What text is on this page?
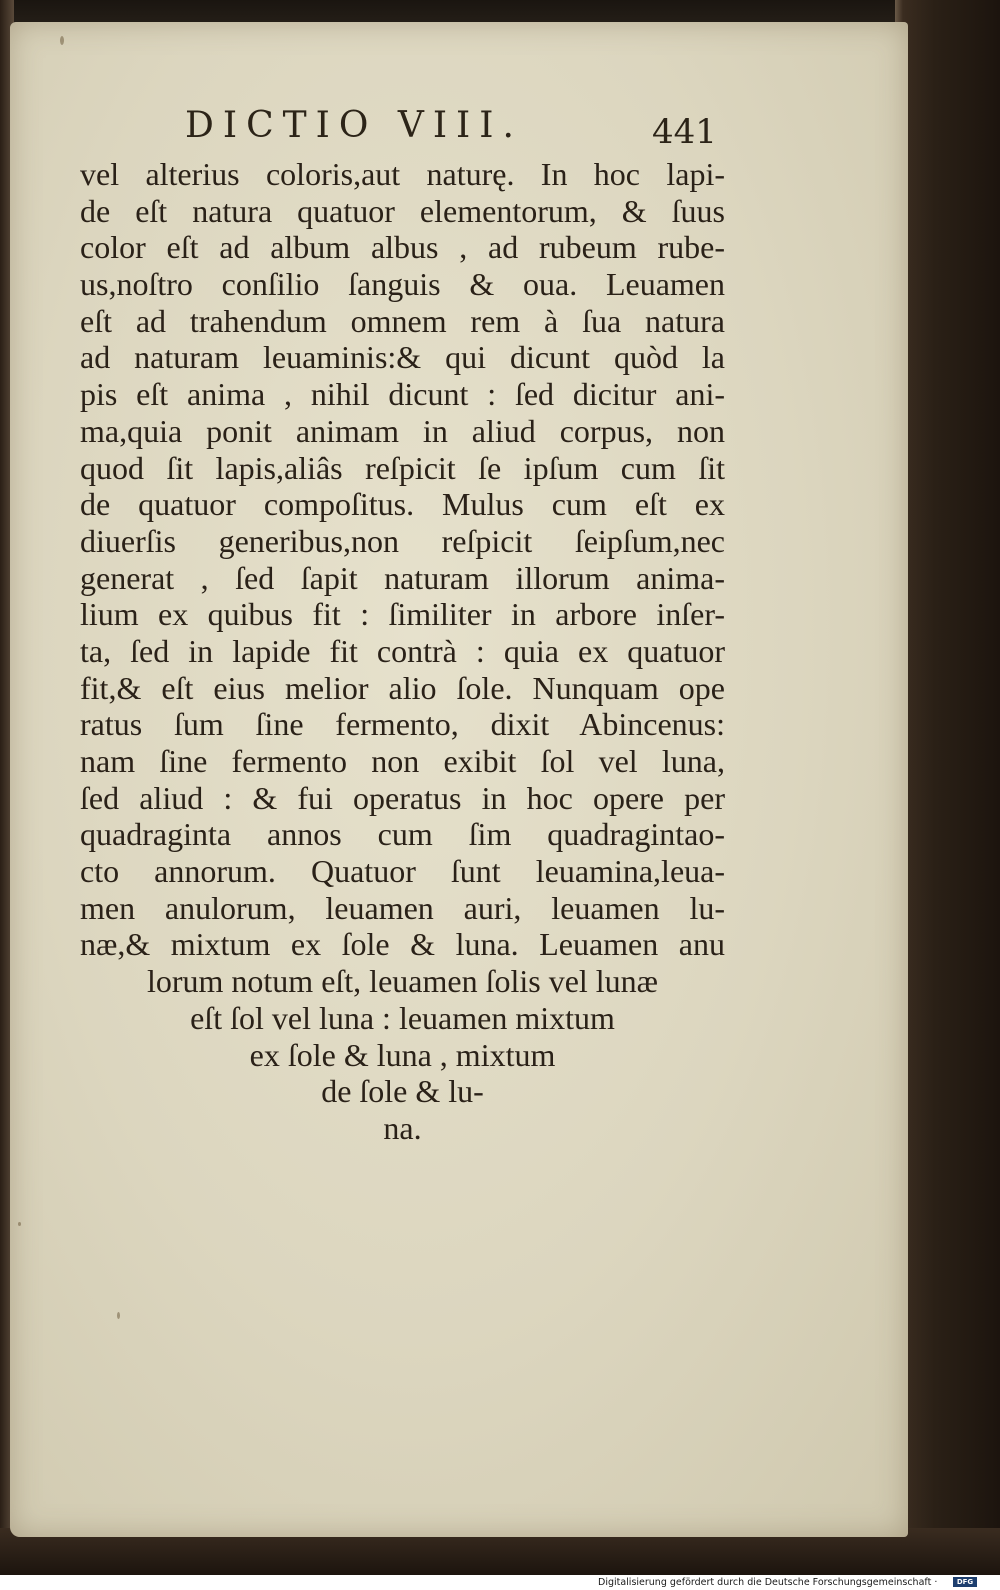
DICTIO VIII.	441
vel alterius coloris,aut naturę. In hoc lapi-
de eſt natura quatuor elementorum, & ſuus
color eſt ad album albus , ad rubeum rube-
us,noſtro conſilio ſanguis & oua. Leuamen
eſt ad trahendum omnem rem à ſua natura
ad naturam leuaminis:& qui dicunt quòd la
pis eſt anima , nihil dicunt : ſed dicitur ani-
ma,quia ponit animam in aliud corpus, non
quod ſit lapis,aliâs reſpicit ſe ipſum cum ſit
de quatuor compoſitus. Mulus cum eſt ex
diuerſis generibus,non reſpicit ſeipſum,nec
generat , ſed ſapit naturam illorum anima-
lium ex quibus fit : ſimiliter in arbore inſer-
ta, ſed in lapide fit contrà : quia ex quatuor
fit,& eſt eius melior alio ſole. Nunquam ope
ratus ſum ſine fermento, dixit Abincenus:
nam ſine fermento non exibit ſol vel luna,
ſed aliud : & fui operatus in hoc opere per
quadraginta annos cum ſim quadragintao-
cto annorum. Quatuor ſunt leuamina,leua-
men anulorum, leuamen auri, leuamen lu-
næ,& mixtum ex ſole & luna. Leuamen anu
lorum notum eſt, leuamen ſolis vel lunæ
eſt ſol vel luna : leuamen mixtum
ex ſole & luna , mixtum
de ſole & lu-
na.
Digitalisierung gefördert durch die Deutsche Forschungsgemeinschaft ·	DFG
